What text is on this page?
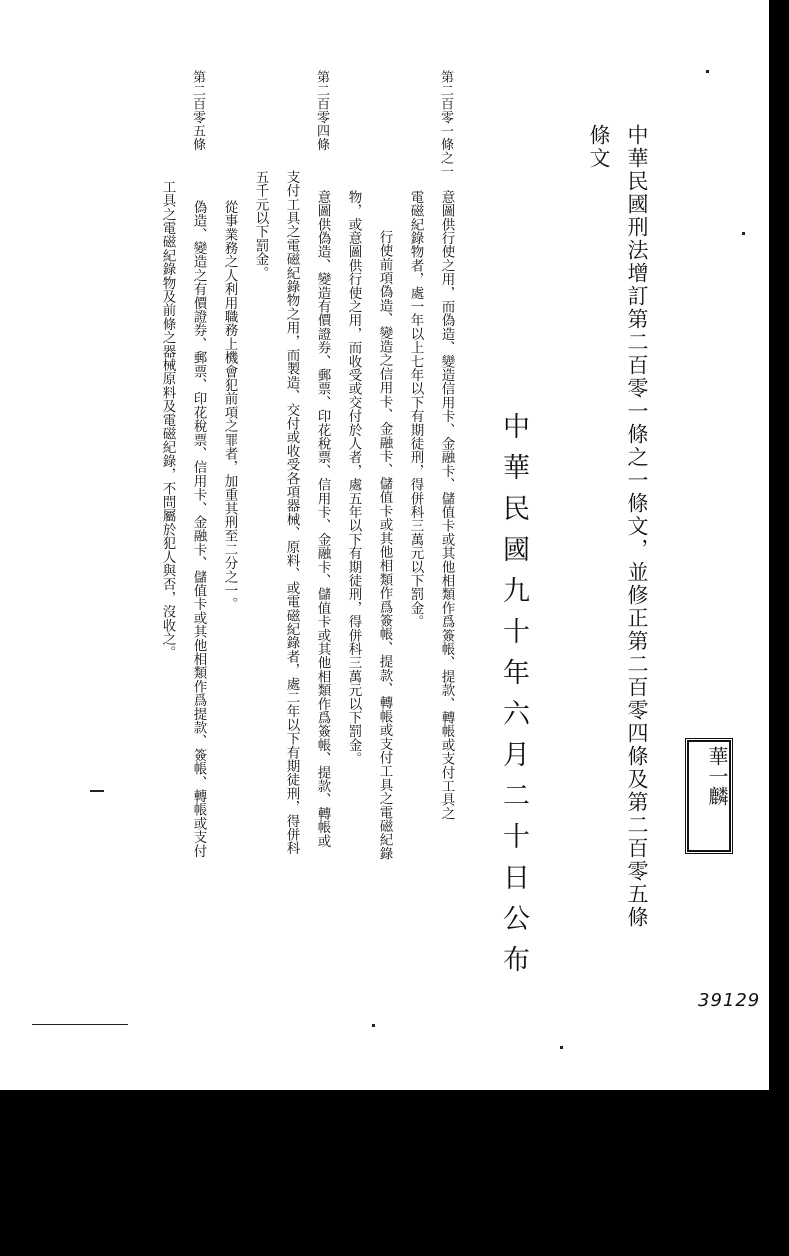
中華民國刑法增訂第二百零一條之一條文，並修正第二百零四條及第二百零五條
條文
中華民國九十年六月二十日公布
第二百零一條之一
意圖供行使之用，而偽造、變造信用卡、金融卡、儲值卡或其他相類作爲簽帳、提款、轉帳或支付工具之
電磁紀錄物者，處一年以上七年以下有期徒刑，得併科三萬元以下罰金。
行使前項偽造、變造之信用卡、金融卡、儲值卡或其他相類作爲簽帳、提款、轉帳或支付工具之電磁紀錄
物，或意圖供行使之用，而收受或交付於人者，處五年以下有期徒刑，得併科三萬元以下罰金。
第二百零四條
意圖供偽造、變造有價證券、郵票、印花稅票、信用卡、金融卡、儲值卡或其他相類作爲簽帳、提款、轉帳或
支付工具之電磁紀錄物之用，而製造、交付或收受各項器械、原料、或電磁紀錄者，處二年以下有期徒刑，得併科
五千元以下罰金。
從事業務之人利用職務上機會犯前項之罪者，加重其刑至二分之一。
第二百零五條
偽造、變造之有價證券、郵票、印花稅票、信用卡、金融卡、儲值卡或其他相類作爲提款、簽帳、轉帳或支付
工具之電磁紀錄物及前條之器械原料及電磁紀錄，不問屬於犯人與否，沒收之。
華一麟
39129
